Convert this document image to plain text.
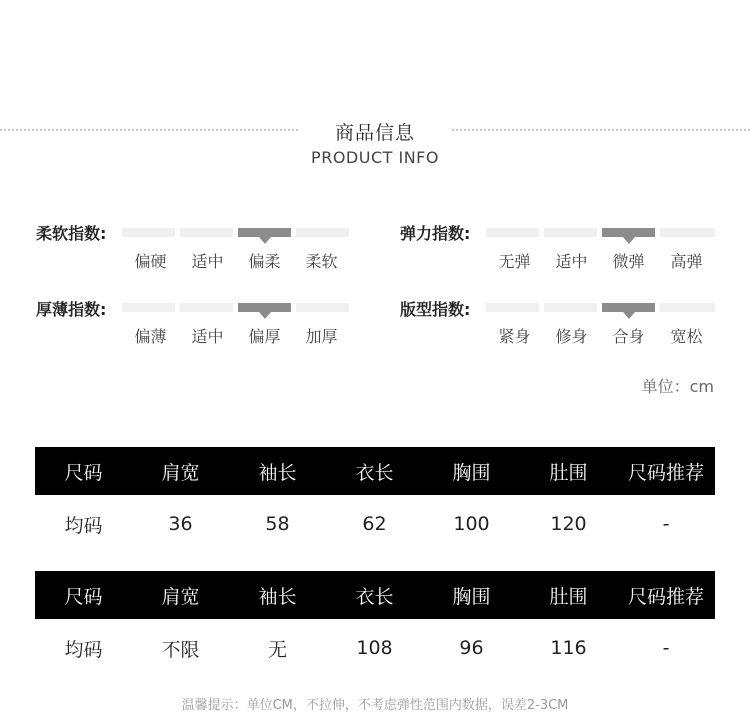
商品信息
PRODUCT INFO
柔软指数:
偏硬	适中	偏柔	柔软
弹力指数:
无弹	适中	微弹	高弹
厚薄指数:
偏薄	适中	偏厚	加厚
版型指数:
紧身	修身	合身	宽松
单位：cm
尺码	肩宽	袖长	衣长	胸围	肚围	尺码推荐
均码	36	58	62	100	120	-
尺码	肩宽	袖长	衣长	胸围	肚围	尺码推荐
均码	不限	无	108	96	116	-
温馨提示：单位CM，不拉伸，不考虑弹性范围内数据，误差2-3CM
